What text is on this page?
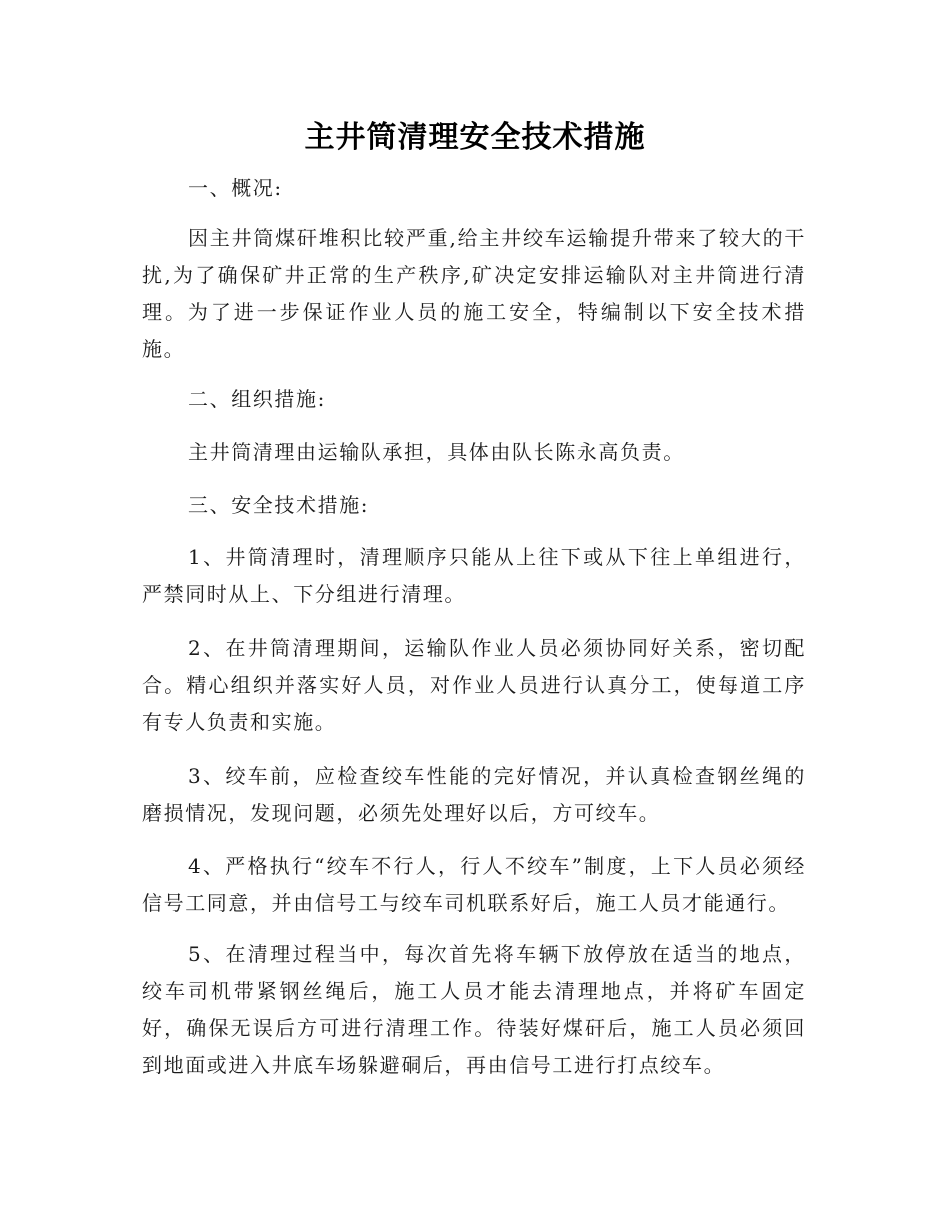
主井筒清理安全技术措施

一、概况:

因主井筒煤矸堆积比较严重,给主井绞车运输提升带来了较大的干扰,为了确保矿井正常的生产秩序,矿决定安排运输队对主井筒进行清理。为了进一步保证作业人员的施工安全，特编制以下安全技术措施。

二、组织措施:

主井筒清理由运输队承担，具体由队长陈永高负责。

三、安全技术措施:

1、井筒清理时，清理顺序只能从上往下或从下往上单组进行，严禁同时从上、下分组进行清理。

2、在井筒清理期间，运输队作业人员必须协同好关系，密切配合。精心组织并落实好人员，对作业人员进行认真分工，使每道工序有专人负责和实施。

3、绞车前，应检查绞车性能的完好情况，并认真检查钢丝绳的磨损情况，发现问题，必须先处理好以后，方可绞车。

4、严格执行“绞车不行人，行人不绞车”制度，上下人员必须经信号工同意，并由信号工与绞车司机联系好后，施工人员才能通行。

5、在清理过程当中，每次首先将车辆下放停放在适当的地点，绞车司机带紧钢丝绳后，施工人员才能去清理地点，并将矿车固定好，确保无误后方可进行清理工作。待装好煤矸后，施工人员必须回到地面或进入井底车场躲避硐后，再由信号工进行打点绞车。
